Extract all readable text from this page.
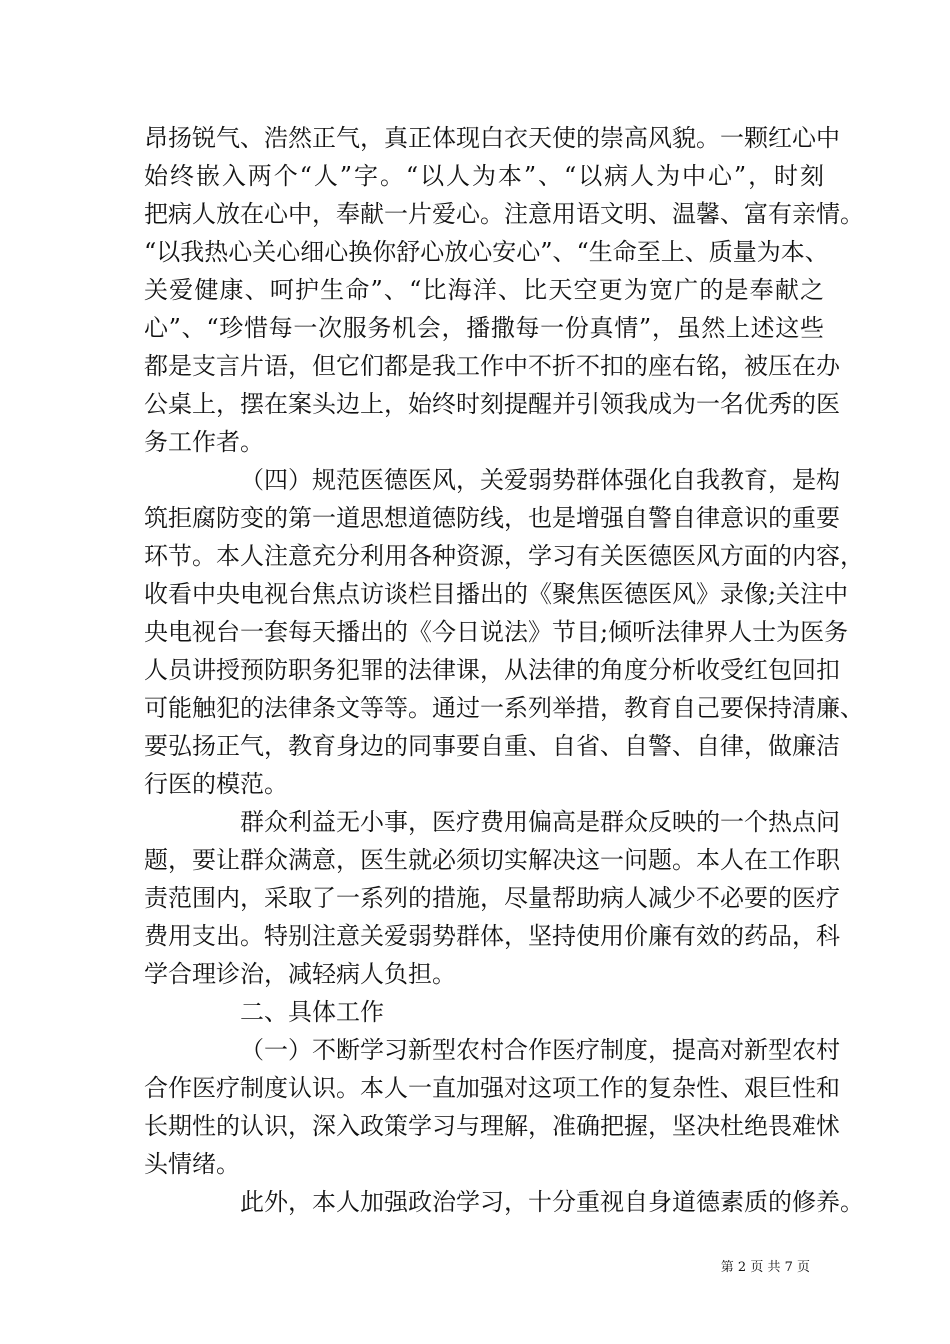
昂扬锐气、浩然正气，真正体现白衣天使的崇高风貌。一颗红心中
始终嵌入两个“人”字。“以人为本”、“以病人为中心”，时刻
把病人放在心中，奉献一片爱心。注意用语文明、温馨、富有亲情。
“以我热心关心细心换你舒心放心安心”、“生命至上、质量为本、
关爱健康、呵护生命”、“比海洋、比天空更为宽广的是奉献之
心”、“珍惜每一次服务机会，播撒每一份真情”，虽然上述这些
都是支言片语，但它们都是我工作中不折不扣的座右铭，被压在办
公桌上，摆在案头边上，始终时刻提醒并引领我成为一名优秀的医
务工作者。
（四）规范医德医风，关爱弱势群体强化自我教育，是构
筑拒腐防变的第一道思想道德防线，也是增强自警自律意识的重要
环节。本人注意充分利用各种资源，学习有关医德医风方面的内容，
收看中央电视台焦点访谈栏目播出的《聚焦医德医风》录像;关注中
央电视台一套每天播出的《今日说法》节目;倾听法律界人士为医务
人员讲授预防职务犯罪的法律课，从法律的角度分析收受红包回扣
可能触犯的法律条文等等。通过一系列举措，教育自己要保持清廉、
要弘扬正气，教育身边的同事要自重、自省、自警、自律，做廉洁
行医的模范。
群众利益无小事，医疗费用偏高是群众反映的一个热点问
题，要让群众满意，医生就必须切实解决这一问题。本人在工作职
责范围内，采取了一系列的措施，尽量帮助病人减少不必要的医疗
费用支出。特别注意关爱弱势群体，坚持使用价廉有效的药品，科
学合理诊治，减轻病人负担。
二、具体工作
（一）不断学习新型农村合作医疗制度，提高对新型农村
合作医疗制度认识。本人一直加强对这项工作的复杂性、艰巨性和
长期性的认识，深入政策学习与理解，准确把握，坚决杜绝畏难怵
头情绪。
此外，本人加强政治学习，十分重视自身道德素质的修养。
第 2 页 共 7 页
